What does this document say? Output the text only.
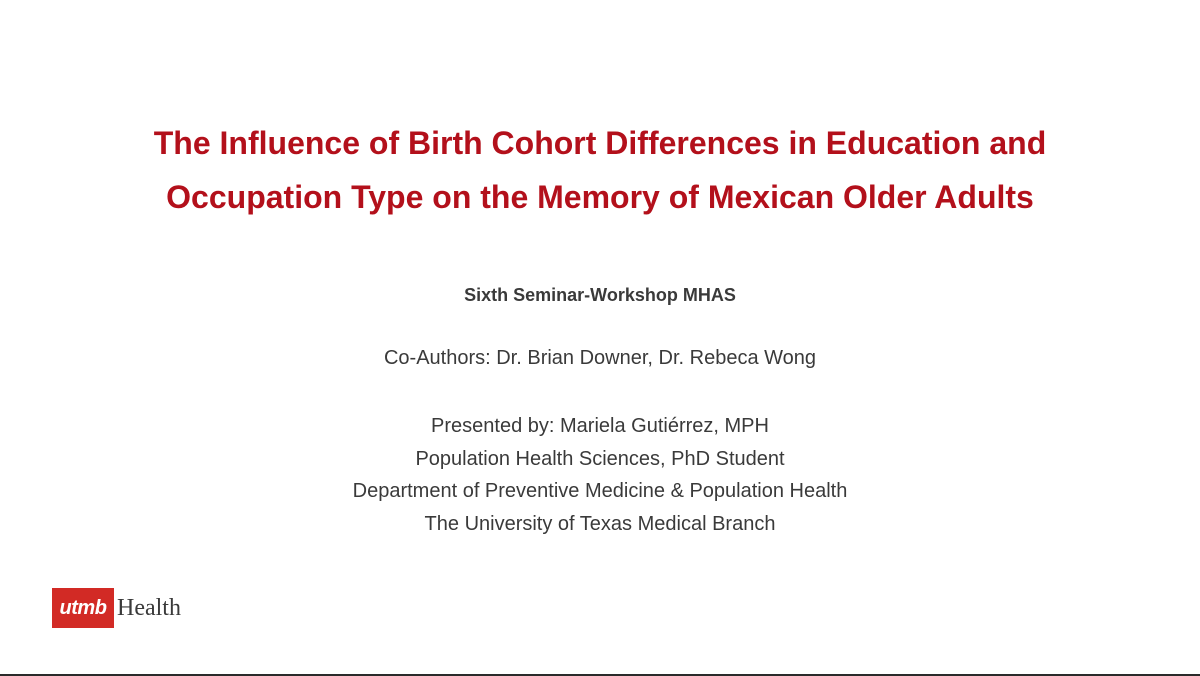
The Influence of Birth Cohort Differences in Education and
Occupation Type on the Memory of Mexican Older Adults
Sixth Seminar-Workshop MHAS
Co-Authors: Dr. Brian Downer, Dr. Rebeca Wong
Presented by: Mariela Gutiérrez, MPH
Population Health Sciences, PhD Student
Department of Preventive Medicine & Population Health
The University of Texas Medical Branch
utmb Health
